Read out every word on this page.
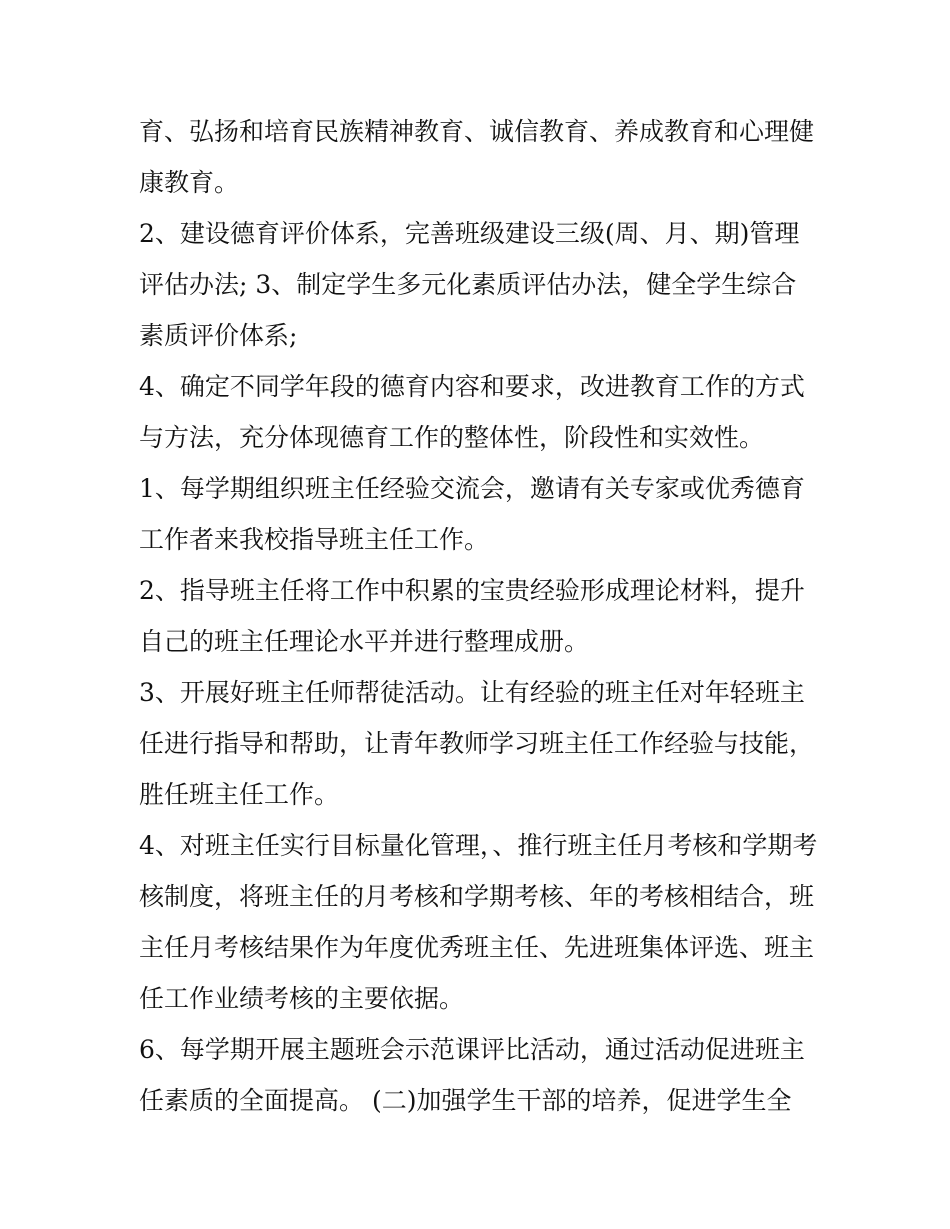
育、弘扬和培育民族精神教育、诚信教育、养成教育和心理健康教育。

2、建设德育评价体系，完善班级建设三级(周、月、期)管理评估办法; 3、制定学生多元化素质评估办法，健全学生综合素质评价体系;

4、确定不同学年段的德育内容和要求，改进教育工作的方式与方法，充分体现德育工作的整体性，阶段性和实效性。

1、每学期组织班主任经验交流会，邀请有关专家或优秀德育工作者来我校指导班主任工作。

2、指导班主任将工作中积累的宝贵经验形成理论材料，提升自己的班主任理论水平并进行整理成册。

3、开展好班主任师帮徒活动。让有经验的班主任对年轻班主任进行指导和帮助，让青年教师学习班主任工作经验与技能，胜任班主任工作。

4、对班主任实行目标量化管理，、推行班主任月考核和学期考核制度，将班主任的月考核和学期考核、年的考核相结合，班主任月考核结果作为年度优秀班主任、先进班集体评选、班主任工作业绩考核的主要依据。

6、每学期开展主题班会示范课评比活动，通过活动促进班主任素质的全面提高。 (二)加强学生干部的培养，促进学生全
